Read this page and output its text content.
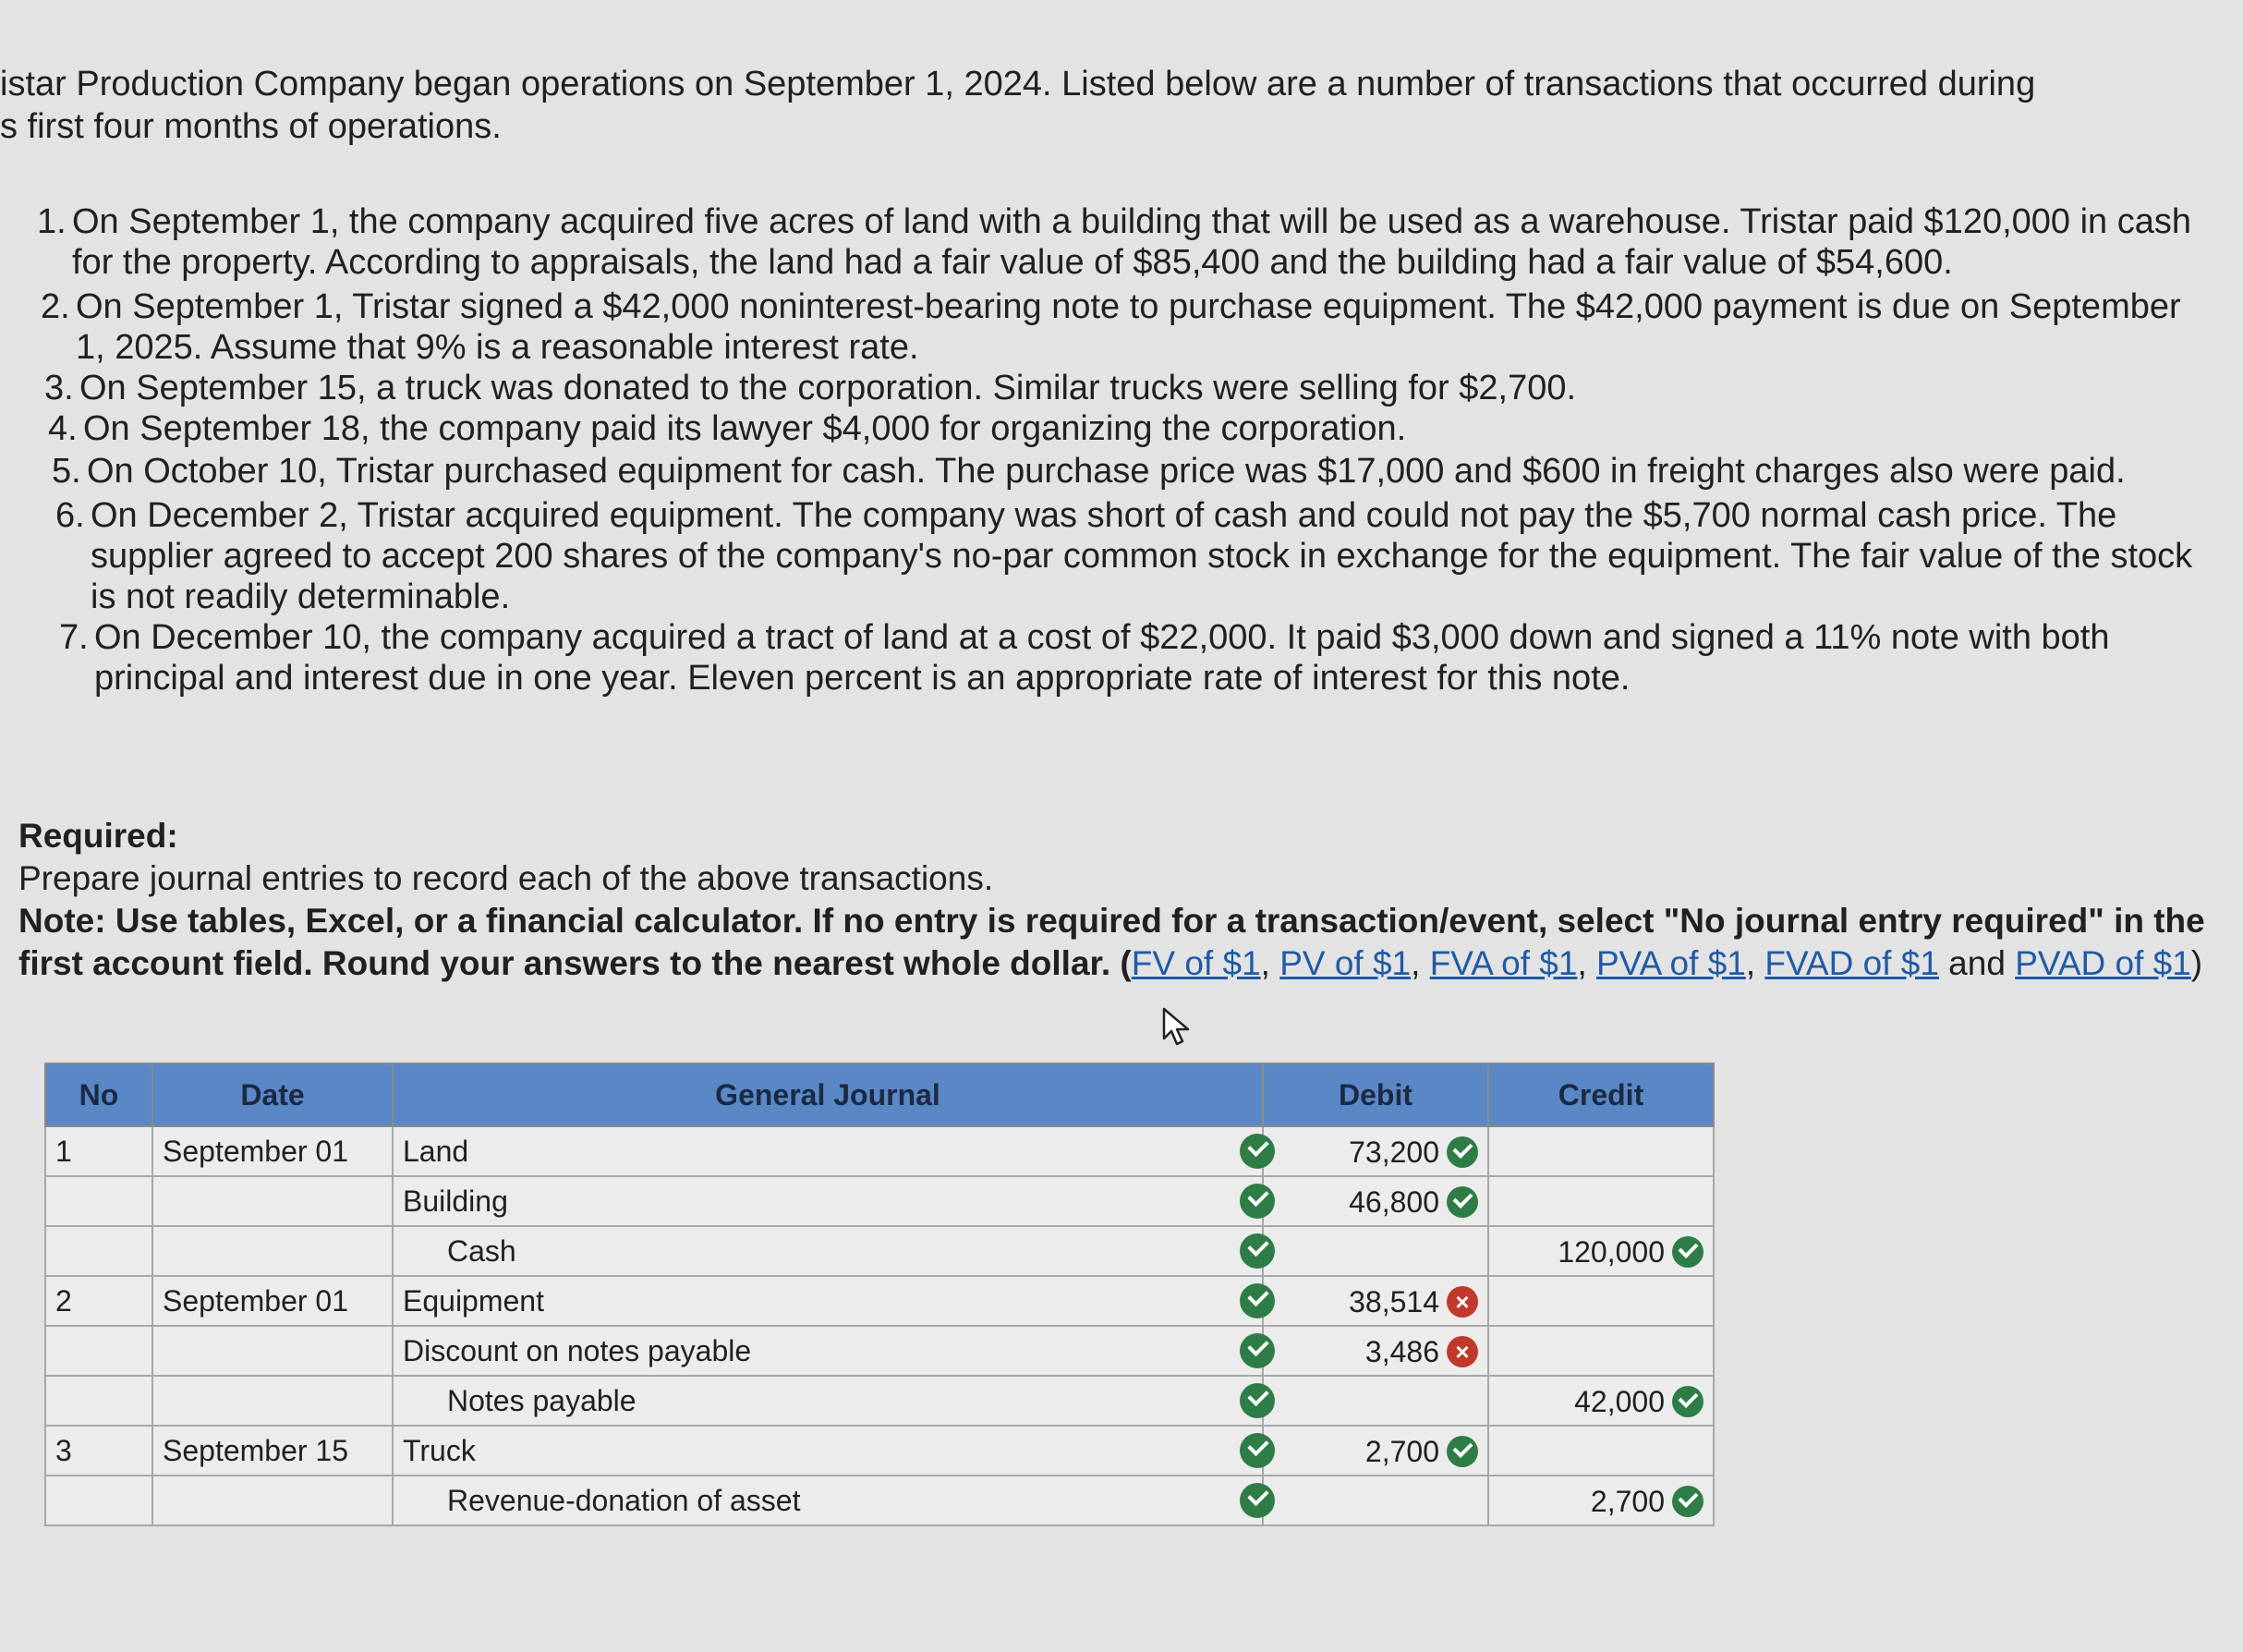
istar Production Company began operations on September 1, 2024. Listed below are a number of transactions that occurred during
s first four months of operations.
1. On September 1, the company acquired five acres of land with a building that will be used as a warehouse. Tristar paid $120,000 in cash for the property. According to appraisals, the land had a fair value of $85,400 and the building had a fair value of $54,600.
2. On September 1, Tristar signed a $42,000 noninterest-bearing note to purchase equipment. The $42,000 payment is due on September 1, 2025. Assume that 9% is a reasonable interest rate.
3. On September 15, a truck was donated to the corporation. Similar trucks were selling for $2,700.
4. On September 18, the company paid its lawyer $4,000 for organizing the corporation.
5. On October 10, Tristar purchased equipment for cash. The purchase price was $17,000 and $600 in freight charges also were paid.
6. On December 2, Tristar acquired equipment. The company was short of cash and could not pay the $5,700 normal cash price. The supplier agreed to accept 200 shares of the company's no-par common stock in exchange for the equipment. The fair value of the stock is not readily determinable.
7. On December 10, the company acquired a tract of land at a cost of $22,000. It paid $3,000 down and signed a 11% note with both principal and interest due in one year. Eleven percent is an appropriate rate of interest for this note.
Required:
Prepare journal entries to record each of the above transactions.
Note: Use tables, Excel, or a financial calculator. If no entry is required for a transaction/event, select "No journal entry required" in the first account field. Round your answers to the nearest whole dollar. (FV of $1, PV of $1, FVA of $1, PVA of $1, FVAD of $1 and PVAD of $1)
No	Date	General Journal	Debit	Credit
1	September 01	Land	73,200	
		Building	46,800	
		Cash		120,000
2	September 01	Equipment	38,514 ×	
		Discount on notes payable	3,486 ×	
		Notes payable		42,000
3	September 15	Truck	2,700	
		Revenue-donation of asset		2,700
